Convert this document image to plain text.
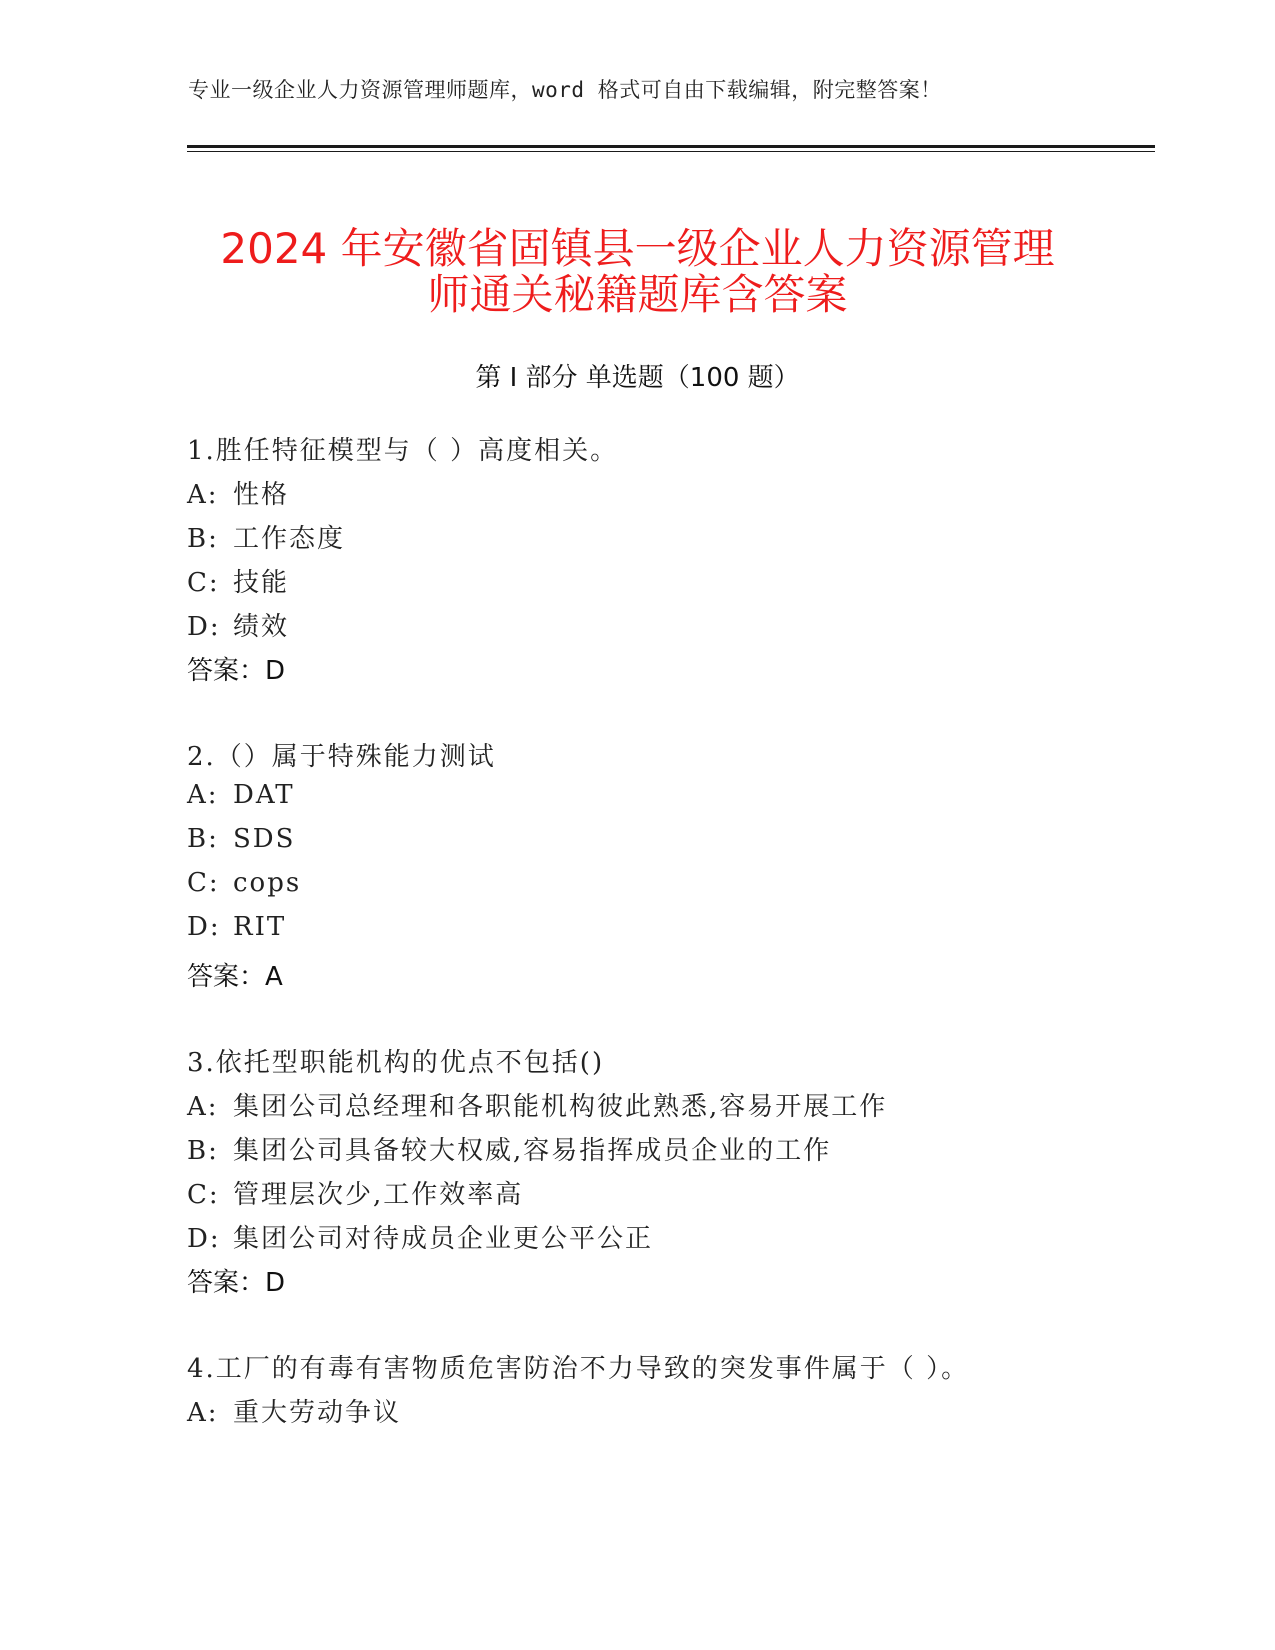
专业一级企业人力资源管理师题库，word 格式可自由下载编辑，附完整答案！
2024 年安徽省固镇县一级企业人力资源管理
师通关秘籍题库含答案
第 I 部分 单选题（100 题）
1.胜任特征模型与（ ）高度相关。
A: 性格
B: 工作态度
C: 技能
D: 绩效
答案：D
2.（）属于特殊能力测试
A: DAT
B: SDS
C: cops
D: RIT
答案：A
3.依托型职能机构的优点不包括()
A: 集团公司总经理和各职能机构彼此熟悉,容易开展工作
B: 集团公司具备较大权威,容易指挥成员企业的工作
C: 管理层次少,工作效率高
D: 集团公司对待成员企业更公平公正
答案：D
4.工厂的有毒有害物质危害防治不力导致的突发事件属于（ ）。
A: 重大劳动争议
